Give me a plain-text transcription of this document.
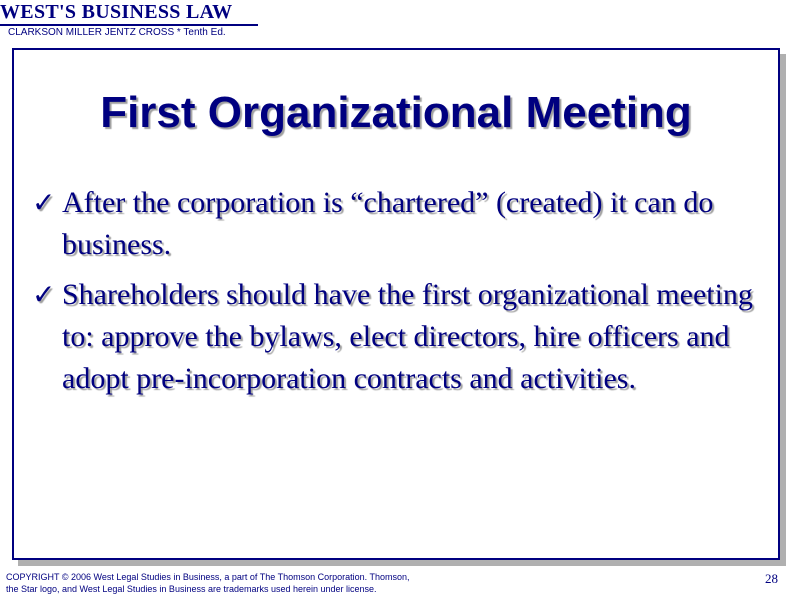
WEST'S BUSINESS LAW
CLARKSON MILLER JENTZ CROSS * Tenth Ed.
First Organizational Meeting
✓ After the corporation is “chartered” (created) it can do business.
✓ Shareholders should have the first organizational meeting to: approve the bylaws, elect directors, hire officers and adopt pre-incorporation contracts and activities.
COPYRIGHT © 2006 West Legal Studies in Business, a part of The Thomson Corporation. Thomson,
the Star logo, and West Legal Studies in Business are trademarks used herein under license.
28
